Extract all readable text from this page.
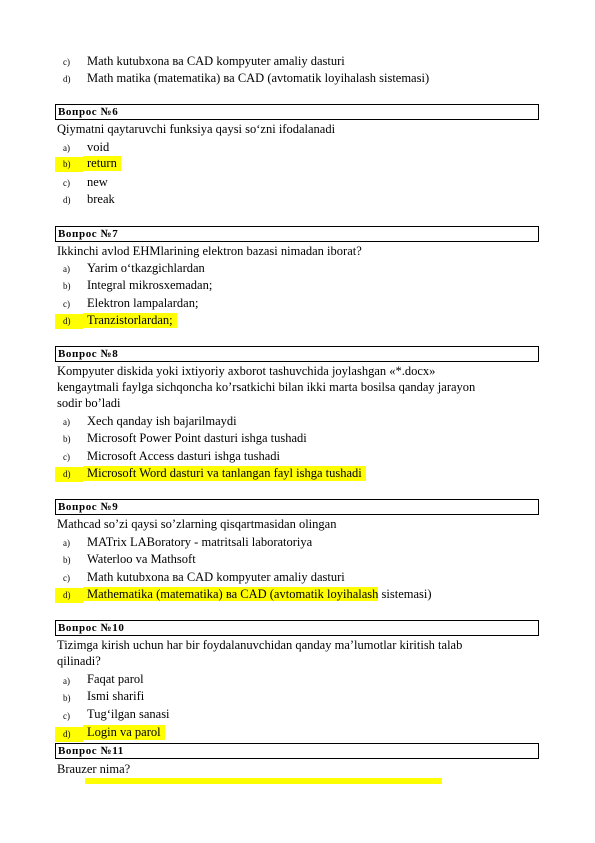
c) Math kutubxona ва CAD kompyuter amaliy dasturi
d) Math matika (matematika) ва CAD (avtomatik loyihalash sistemasi)
Вопрос №6
Qiymatni qaytaruvchi funksiya qaysi so‘zni ifodalanadi
a) void
b)	return
c) new
d) break
Вопрос №7
Ikkinchi avlod EHMlarining elektron bazasi nimadan iborat?
a) Yarim o‘tkazgichlardan
b) Integral mikrosxemadan;
c) Elektron lampalardan;
d)	Tranzistorlardan;
Вопрос №8
Kompyuter diskida yoki ixtiyoriy axborot tashuvchida joylashgan «*.docx»
kengaytmali faylga sichqoncha ko’rsatkichi bilan ikki marta bosilsa qanday jarayon
sodir bo’ladi
a) Xech qanday ish bajarilmaydi
b) Microsoft Power Point dasturi ishga tushadi
c) Microsoft Access dasturi ishga tushadi
d)	Microsoft Word dasturi va tanlangan fayl ishga tushadi
Вопрос №9
Mathcad so’zi qaysi so’zlarning qisqartmasidan olingan
a) MATrix LABoratory - matritsali laboratoriya
b) Waterloo va Mathsoft
c) Math kutubxona ва CAD kompyuter amaliy dasturi
d)	Mathematika (matematika) ва CAD (avtomatik loyihalash sistemasi)
Вопрос №10
Tizimga kirish uchun har bir foydalanuvchidan qanday ma’lumotlar kiritish talab
qilinadi?
a) Faqat parol
b) Ismi sharifi
c) Tug‘ilgan sanasi
d)	Login va parol
Вопрос №11
Brauzer nima?
